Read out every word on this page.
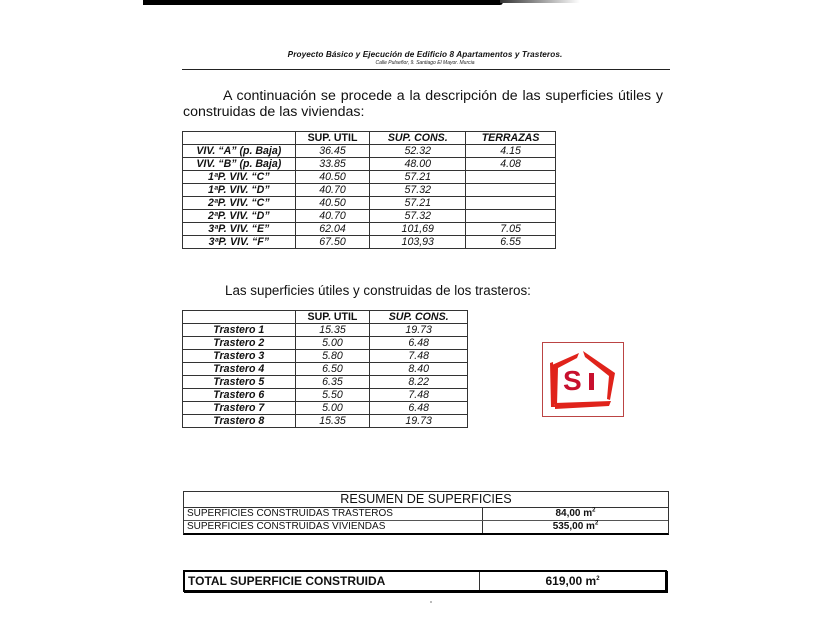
Proyecto Básico y Ejecución de Edificio 8 Apartamentos y Trasteros.
Calle Pulseñor, 9. Santiago El Mayor. Murcia
A continuación se procede a la descripción de las superficies útiles y construidas de las viviendas:
	SUP. UTIL	SUP. CONS.	TERRAZAS
VIV. “A” (p. Baja)	36.45	52.32	4.15
VIV. “B” (p. Baja)	33.85	48.00	4.08
1ªP. VIV. “C”	40.50	57.21	
1ªP. VIV. “D”	40.70	57.32	
2ªP. VIV. “C”	40.50	57.21	
2ªP. VIV. “D”	40.70	57.32	
3ªP. VIV. “E”	62.04	101,69	7.05
3ªP. VIV. “F”	67.50	103,93	6.55
Las superficies útiles y construidas de los trasteros:
	SUP. UTIL	SUP. CONS.
Trastero 1	15.35	19.73
Trastero 2	5.00	6.48
Trastero 3	5.80	7.48
Trastero 4	6.50	8.40
Trastero 5	6.35	8.22
Trastero 6	5.50	7.48
Trastero 7	5.00	6.48
Trastero 8	15.35	19.73
S
RESUMEN DE SUPERFICIES
SUPERFICIES CONSTRUIDAS TRASTEROS	84,00 $m^2$
SUPERFICIES CONSTRUIDAS VIVIENDAS	535,00 $m^2$
TOTAL SUPERFICIE CONSTRUIDA	619,00 $m^2$
